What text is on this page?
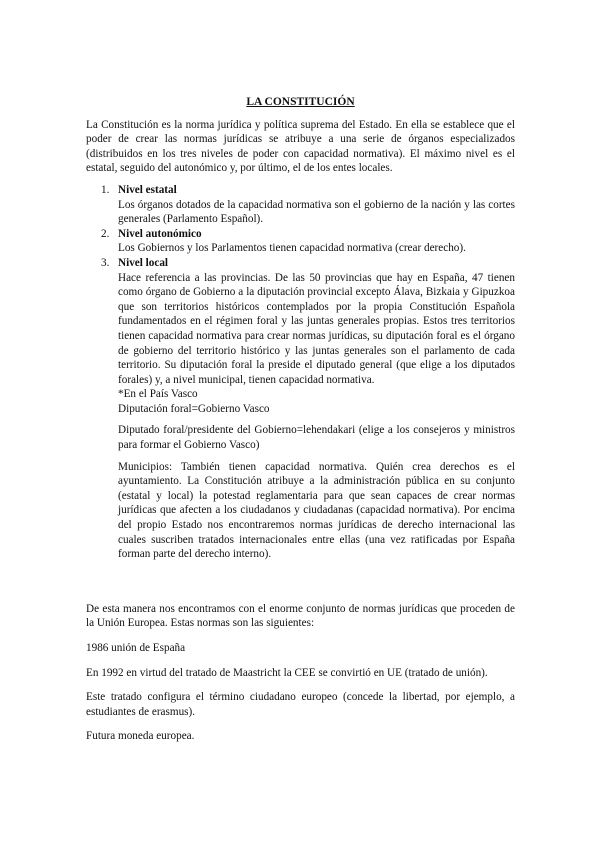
LA CONSTITUCIÓN

La Constitución es la norma jurídica y política suprema del Estado. En ella se establece que el poder de crear las normas jurídicas se atribuye a una serie de órganos especializados (distribuidos en los tres niveles de poder con capacidad normativa). El máximo nivel es el estatal, seguido del autonómico y, por último, el de los entes locales.

1. Nivel estatal

Los órganos dotados de la capacidad normativa son el gobierno de la nación y las cortes generales (Parlamento Español).

2. Nivel autonómico

Los Gobiernos y los Parlamentos tienen capacidad normativa (crear derecho).

3. Nivel local

Hace referencia a las provincias. De las 50 provincias que hay en España, 47 tienen como órgano de Gobierno a la diputación provincial excepto Álava, Bizkaia y Gipuzkoa que son territorios históricos contemplados por la propia Constitución Española fundamentados en el régimen foral y las juntas generales propias. Estos tres territorios tienen capacidad normativa para crear normas jurídicas, su diputación foral es el órgano de gobierno del territorio histórico y las juntas generales son el parlamento de cada territorio. Su diputación foral la preside el diputado general (que elige a los diputados forales) y, a nivel municipal, tienen capacidad normativa.

*En el País Vasco

Diputación foral=Gobierno Vasco

Diputado foral/presidente del Gobierno=lehendakari (elige a los consejeros y ministros para formar el Gobierno Vasco)

Municipios: También tienen capacidad normativa. Quién crea derechos es el ayuntamiento. La Constitución atribuye a la administración pública en su conjunto (estatal y local) la potestad reglamentaria para que sean capaces de crear normas jurídicas que afecten a los ciudadanos y ciudadanas (capacidad normativa). Por encima del propio Estado nos encontraremos normas jurídicas de derecho internacional las cuales suscriben tratados internacionales entre ellas (una vez ratificadas por España forman parte del derecho interno).

De esta manera nos encontramos con el enorme conjunto de normas jurídicas que proceden de la Unión Europea. Estas normas son las siguientes:

1986 unión de España

En 1992 en virtud del tratado de Maastricht la CEE se convirtió en UE (tratado de unión).

Este tratado configura el término ciudadano europeo (concede la libertad, por ejemplo, a estudiantes de erasmus).

Futura moneda europea.
